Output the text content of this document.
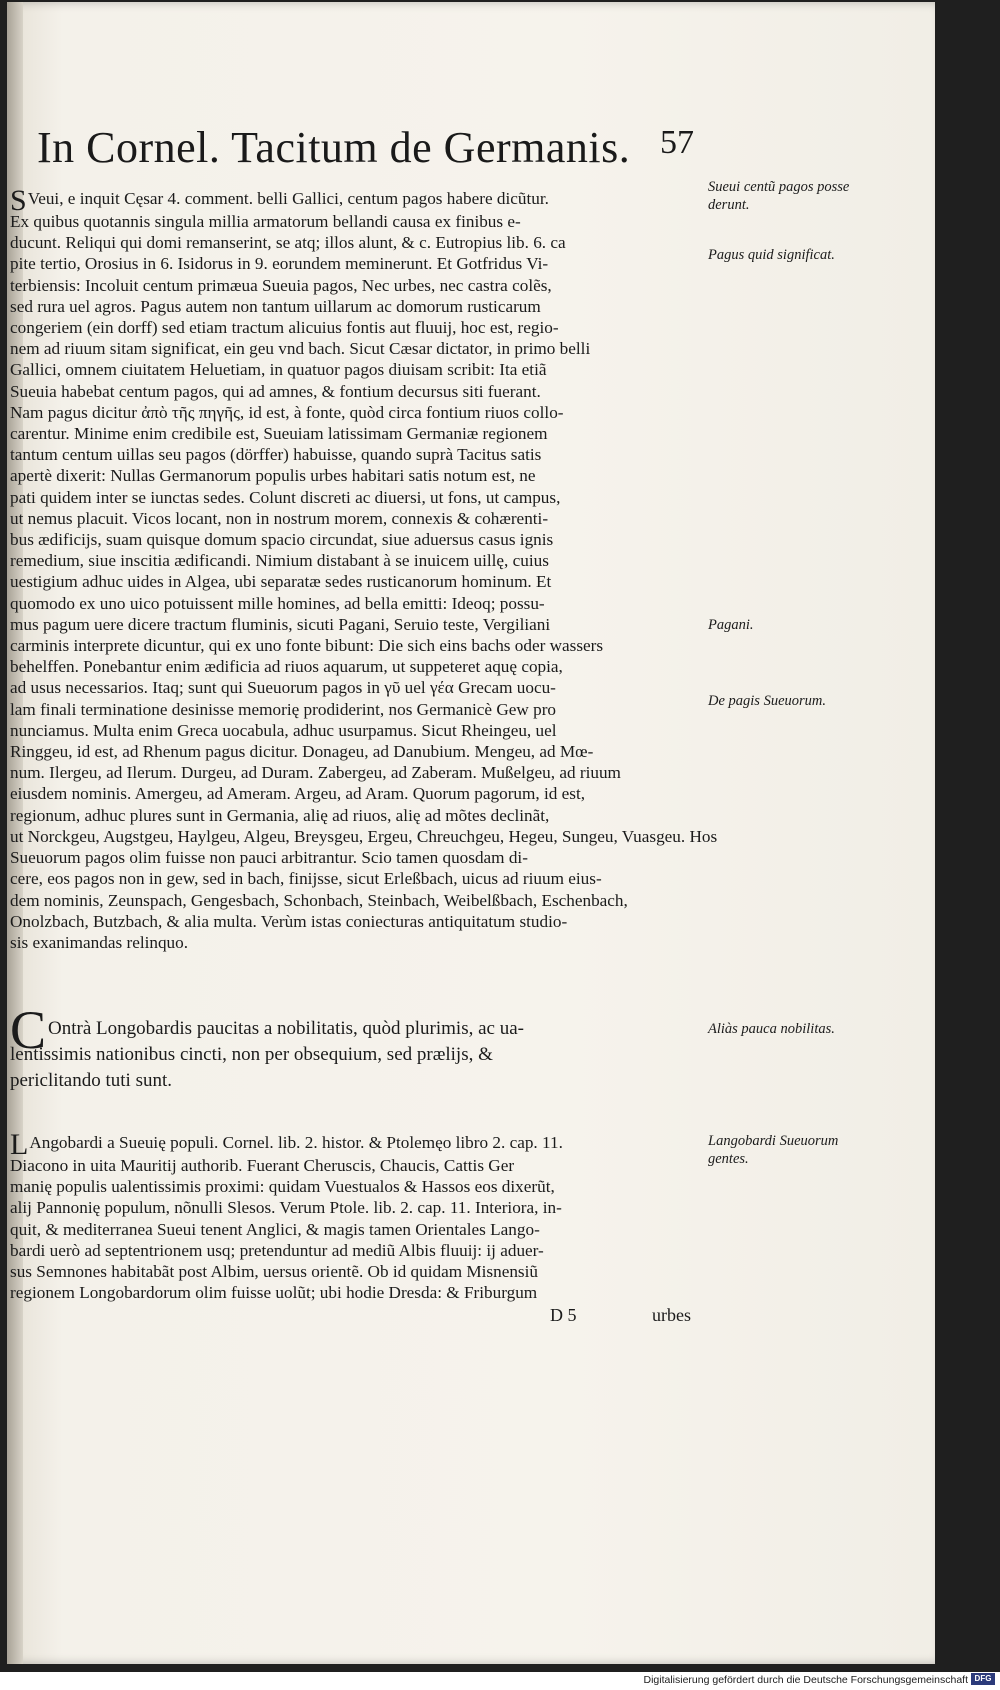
In Cornel. Tacitum de Germanis. 57
SVeui, e inquit Cęsar 4. comment. belli Gallici, centum pagos habere dicũtur.
Ex quibus quotannis singula millia armatorum bellandi causa ex finibus e-
ducunt. Reliqui qui domi remanserint, se atq; illos alunt, & c. Eutropius lib. 6. ca
pite tertio, Orosius in 6. Isidorus in 9. eorundem meminerunt. Et Gotfridus Vi-
terbiensis: Incoluit centum primæua Sueuia pagos, Nec urbes, nec castra colẽs,
sed rura uel agros. Pagus autem non tantum uillarum ac domorum rusticarum
congeriem (ein dorff) sed etiam tractum alicuius fontis aut fluuij, hoc est, regio-
nem ad riuum sitam significat, ein geu vnd bach. Sicut Cæsar dictator, in primo belli
Gallici, omnem ciuitatem Heluetiam, in quatuor pagos diuisam scribit: Ita etiã
Sueuia habebat centum pagos, qui ad amnes, & fontium decursus siti fuerant.
Nam pagus dicitur ἀπὸ τῆς πηγῆς, id est, à fonte, quòd circa fontium riuos collo-
carentur. Minime enim credibile est, Sueuiam latissimam Germaniæ regionem
tantum centum uillas seu pagos (dörffer) habuisse, quando suprà Tacitus satis
apertè dixerit: Nullas Germanorum populis urbes habitari satis notum est, ne
pati quidem inter se iunctas sedes. Colunt discreti ac diuersi, ut fons, ut campus,
ut nemus placuit. Vicos locant, non in nostrum morem, connexis & cohærenti-
bus ædificijs, suam quisque domum spacio circundat, siue aduersus casus ignis
remedium, siue inscitia ædificandi. Nimium distabant à se inuicem uillę, cuius
uestigium adhuc uides in Algea, ubi separatæ sedes rusticanorum hominum. Et
quomodo ex uno uico potuissent mille homines, ad bella emitti: Ideoq; possu-
mus pagum uere dicere tractum fluminis, sicuti Pagani, Seruio teste, Vergiliani
carminis interprete dicuntur, qui ex uno fonte bibunt: Die sich eins bachs oder wassers
behelffen. Ponebantur enim ædificia ad riuos aquarum, ut suppeteret aquę copia,
ad usus necessarios. Itaq; sunt qui Sueuorum pagos in γῦ uel γέα Grecam uocu-
lam finali terminatione desinisse memorię prodiderint, nos Germanicè Gew pro
nunciamus. Multa enim Greca uocabula, adhuc usurpamus. Sicut Rheingeu, uel
Ringgeu, id est, ad Rhenum pagus dicitur. Donageu, ad Danubium. Mengeu, ad Mœ-
num. Ilergeu, ad Ilerum. Durgeu, ad Duram. Zabergeu, ad Zaberam. Mußelgeu, ad riuum
eiusdem nominis. Amergeu, ad Ameram. Argeu, ad Aram. Quorum pagorum, id est,
regionum, adhuc plures sunt in Germania, alię ad riuos, alię ad mõtes declinãt,
ut Norckgeu, Augstgeu, Haylgeu, Algeu, Breysgeu, Ergeu, Chreuchgeu, Hegeu, Sungeu, Vuasgeu. Hos
Sueuorum pagos olim fuisse non pauci arbitrantur. Scio tamen quosdam di-
cere, eos pagos non in gew, sed in bach, finijsse, sicut Erleßbach, uicus ad riuum eius-
dem nominis, Zeunspach, Gengesbach, Schonbach, Steinbach, Weibelßbach, Eschenbach,
Onolzbach, Butzbach, & alia multa. Verùm istas coniecturas antiquitatum studio-
sis exanimandas relinquo.
C Ontrà Longobardis paucitas a nobilitatis, quòd plurimis, ac ua-
lentissimis nationibus cincti, non per obsequium, sed prælijs, &
periclitando tuti sunt.
LAngobardi a Sueuię populi. Cornel. lib. 2. histor. & Ptolemęo libro 2. cap. 11.
Diacono in uita Mauritij authorib. Fuerant Cheruscis, Chaucis, Cattis Ger
manię populis ualentissimis proximi: quidam Vuestualos & Hassos eos dixerũt,
alij Pannonię populum, nõnulli Slesos. Verum Ptole. lib. 2. cap. 11. Interiora, in-
quit, & mediterranea Sueui tenent Anglici, & magis tamen Orientales Lango-
bardi uerò ad septentrionem usq; pretenduntur ad mediũ Albis fluuij: ij aduer-
sus Semnones habitabãt post Albim, uersus orientẽ. Ob id quidam Misnensiũ
regionem Longobardorum olim fuisse uolũt; ubi hodie Dresda: & Friburgum
Sueui centũ pagos posse derunt.
Pagus quid significat.
Pagani.
De pagis Sueuorum.
Aliàs pauca nobilitas.
Langobardi Sueuorum gentes.
D 5	urbes
Digitalisierung gefördert durch die Deutsche Forschungsgemeinschaft DFG
